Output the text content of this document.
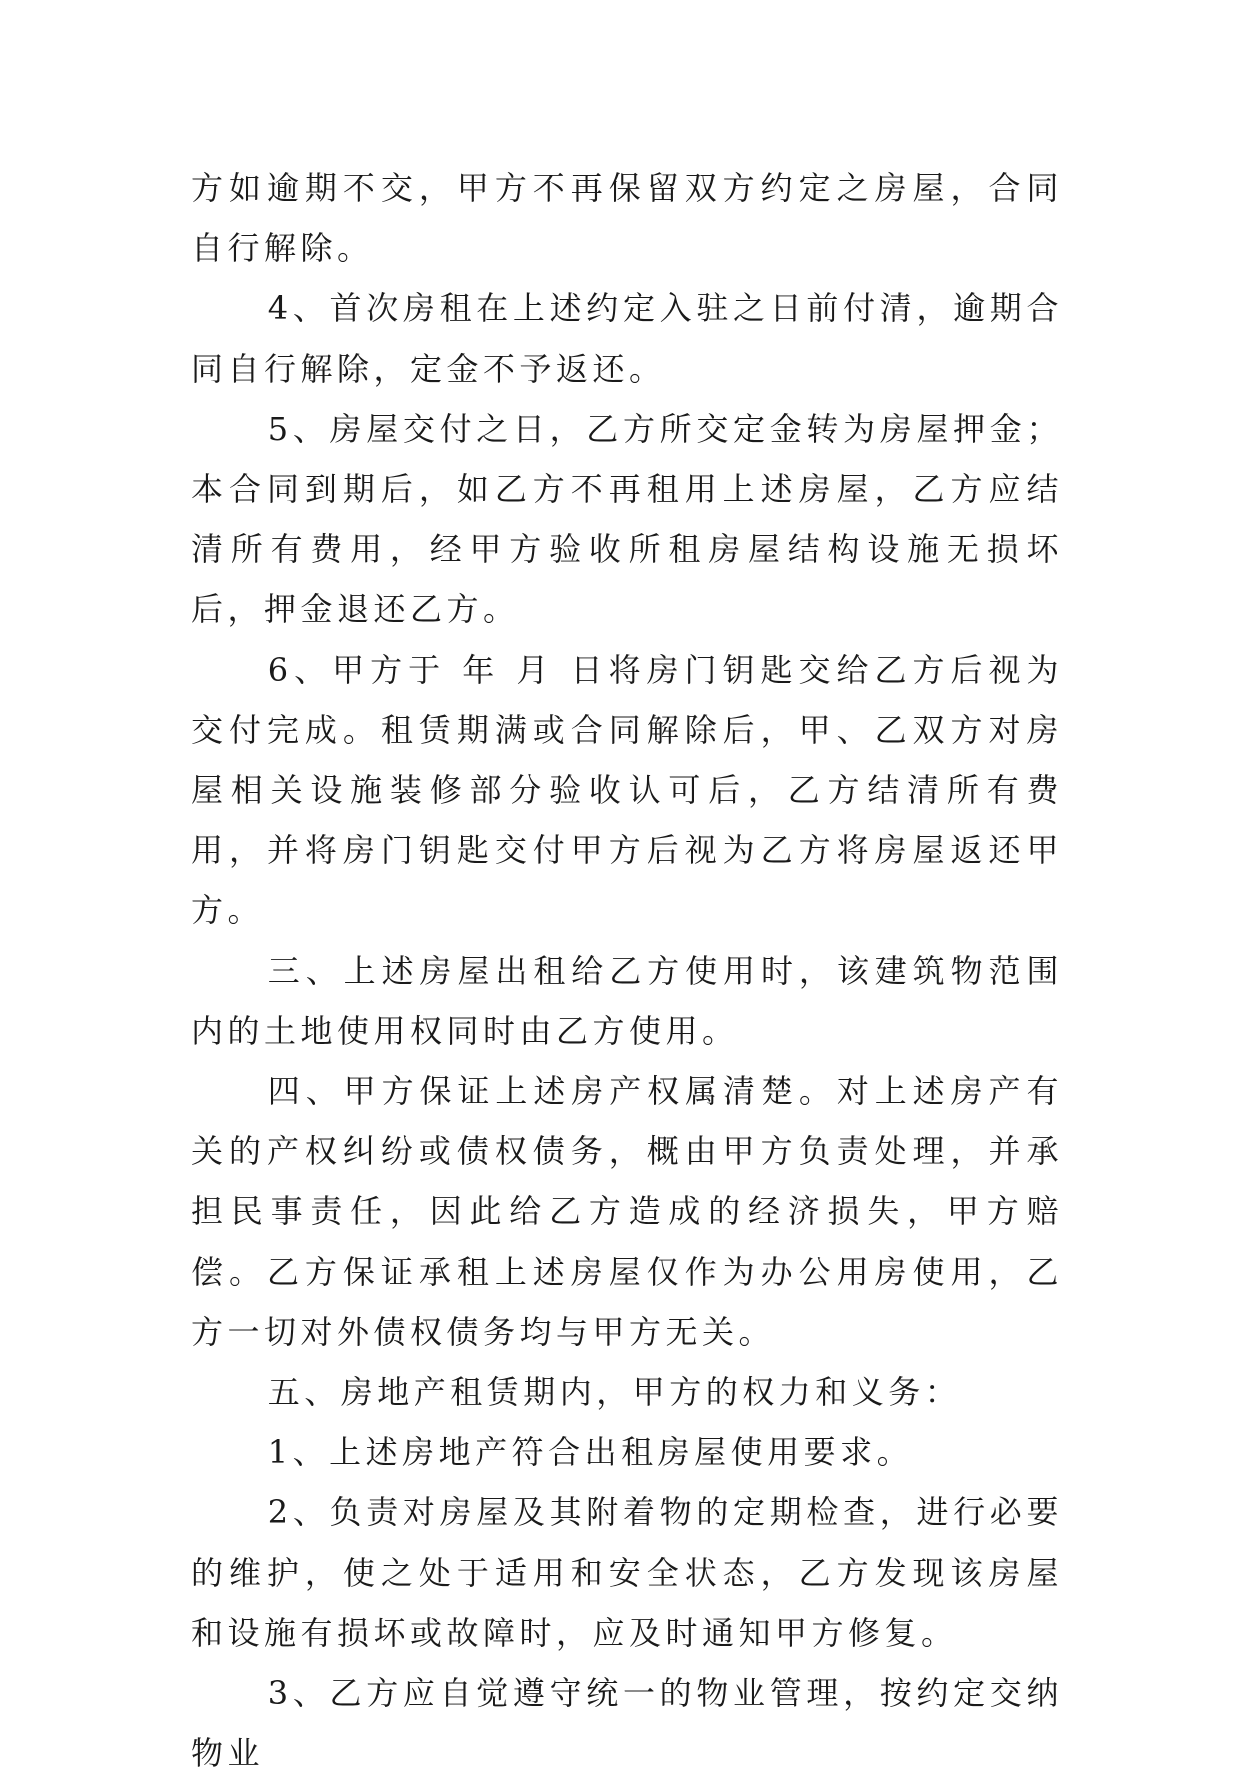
方如逾期不交，甲方不再保留双方约定之房屋，合同自行解除。

4、首次房租在上述约定入驻之日前付清，逾期合同自行解除，定金不予返还。

5、房屋交付之日，乙方所交定金转为房屋押金；本合同到期后，如乙方不再租用上述房屋，乙方应结清所有费用，经甲方验收所租房屋结构设施无损坏后，押金退还乙方。

6、甲方于 年 月 日将房门钥匙交给乙方后视为交付完成。租赁期满或合同解除后，甲、乙双方对房屋相关设施装修部分验收认可后，乙方结清所有费用，并将房门钥匙交付甲方后视为乙方将房屋返还甲方。

三、上述房屋出租给乙方使用时，该建筑物范围内的土地使用权同时由乙方使用。

四、甲方保证上述房产权属清楚。对上述房产有关的产权纠纷或债权债务，概由甲方负责处理，并承担民事责任，因此给乙方造成的经济损失，甲方赔偿。乙方保证承租上述房屋仅作为办公用房使用，乙方一切对外债权债务均与甲方无关。

五、房地产租赁期内，甲方的权力和义务：

1、上述房地产符合出租房屋使用要求。

2、负责对房屋及其附着物的定期检查，进行必要的维护，使之处于适用和安全状态，乙方发现该房屋和设施有损坏或故障时，应及时通知甲方修复。

3、乙方应自觉遵守统一的物业管理，按约定交纳物业
